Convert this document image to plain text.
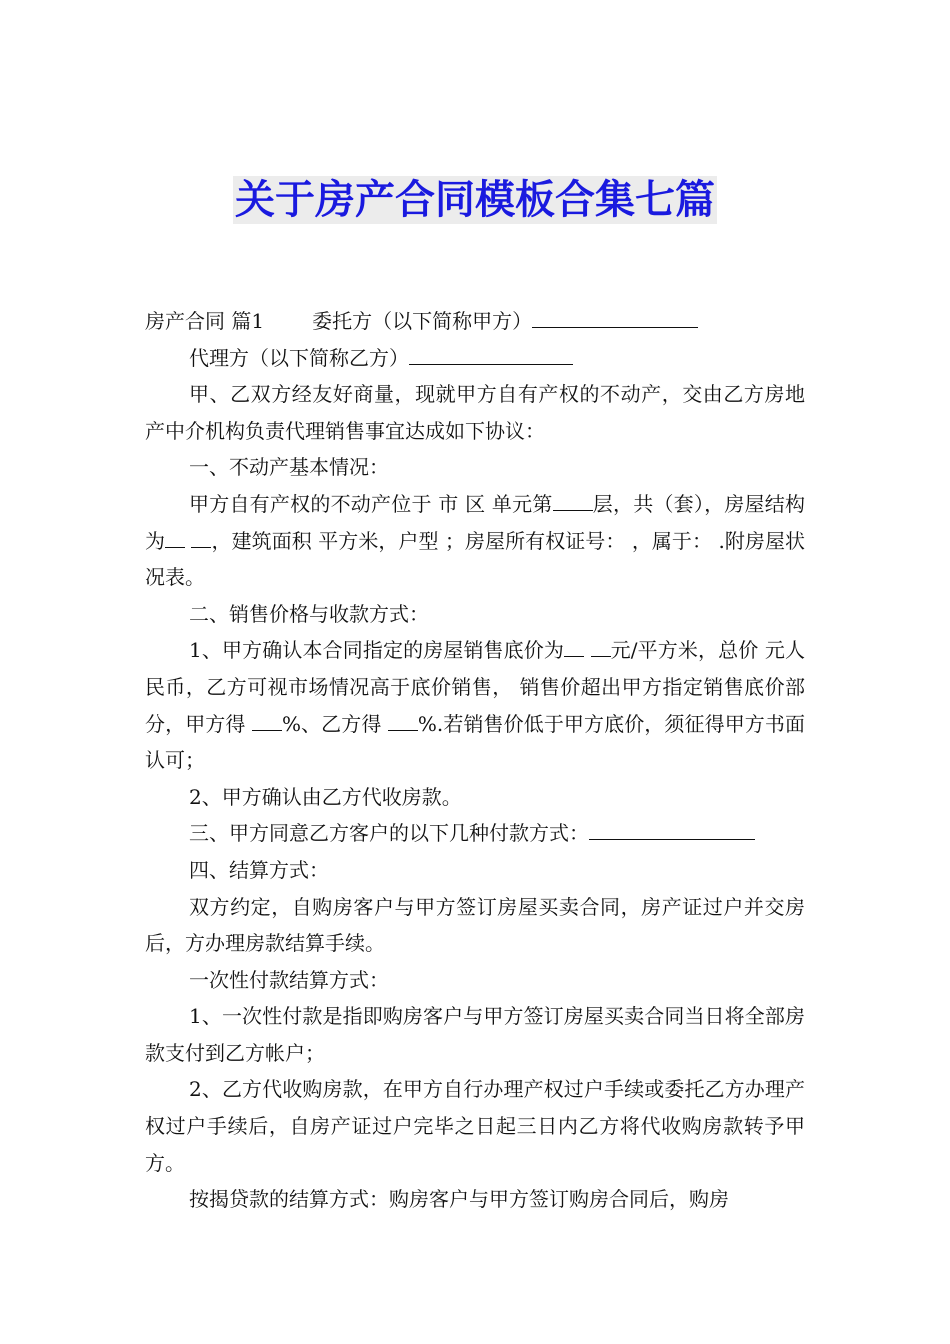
关于房产合同模板合集七篇

房产合同 篇1 委托方（以下简称甲方）

代理方（以下简称乙方）

甲、乙双方经友好商量，现就甲方自有产权的不动产，交由乙方房地产中介机构负责代理销售事宜达成如下协议：

一、不动产基本情况：

甲方自有产权的不动产位于 市 区 单元第 层，共（套），房屋结构为 ，建筑面积 平方米，户型 ；房屋所有权证号： ，属于： .附房屋状况表。

二、销售价格与收款方式：

1、甲方确认本合同指定的房屋销售底价为 元/平方米，总价 元人民币，乙方可视市场情况高于底价销售， 销售价超出甲方指定销售底价部分，甲方得 %、乙方得 %.若销售价低于甲方底价，须征得甲方书面认可；

2、甲方确认由乙方代收房款。

三、甲方同意乙方客户的以下几种付款方式：

四、结算方式：

双方约定，自购房客户与甲方签订房屋买卖合同，房产证过户并交房后，方办理房款结算手续。

一次性付款结算方式：

1、一次性付款是指即购房客户与甲方签订房屋买卖合同当日将全部房款支付到乙方帐户；

2、乙方代收购房款，在甲方自行办理产权过户手续或委托乙方办理产权过户手续后，自房产证过户完毕之日起三日内乙方将代收购房款转予甲方。

按揭贷款的结算方式：购房客户与甲方签订购房合同后，购房
